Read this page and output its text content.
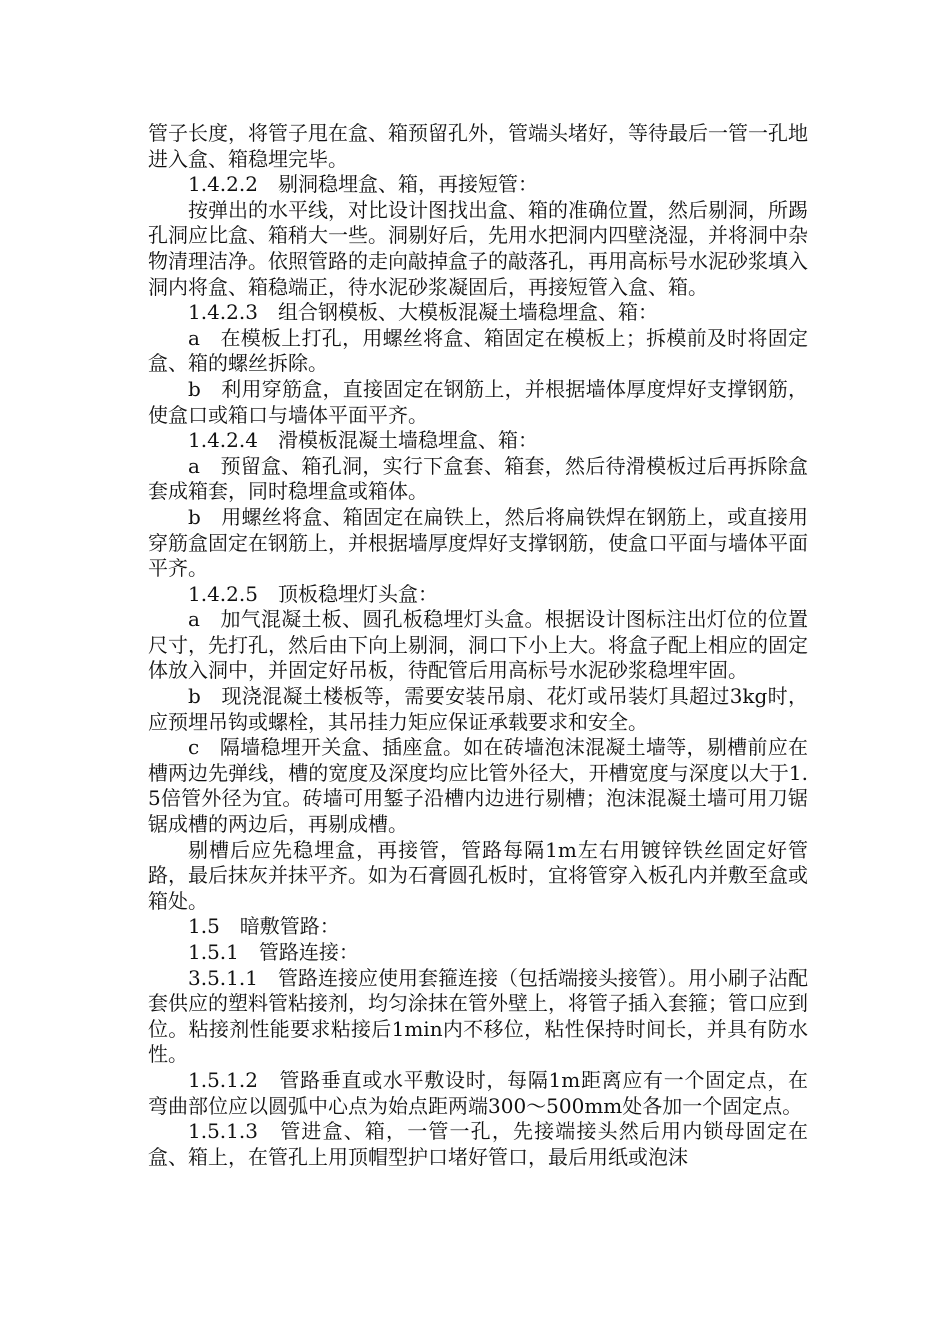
管子长度，将管子甩在盒、箱预留孔外，管端头堵好，等待最后一管一孔地进入盒、箱稳埋完毕。

1.4.2.2　剔洞稳埋盒、箱，再接短管：

按弹出的水平线，对比设计图找出盒、箱的准确位置，然后剔洞，所踢孔洞应比盒、箱稍大一些。洞剔好后，先用水把洞内四壁浇湿，并将洞中杂物清理洁净。依照管路的走向敲掉盒子的敲落孔，再用高标号水泥砂浆填入洞内将盒、箱稳端正，待水泥砂浆凝固后，再接短管入盒、箱。

1.4.2.3　组合钢模板、大模板混凝土墙稳埋盒、箱：

a　在模板上打孔，用螺丝将盒、箱固定在模板上；拆模前及时将固定盒、箱的螺丝拆除。

b　利用穿筋盒，直接固定在钢筋上，并根据墙体厚度焊好支撑钢筋，使盒口或箱口与墙体平面平齐。

1.4.2.4　滑模板混凝土墙稳埋盒、箱：

a　预留盒、箱孔洞，实行下盒套、箱套，然后待滑模板过后再拆除盒套成箱套，同时稳埋盒或箱体。

b　用螺丝将盒、箱固定在扁铁上，然后将扁铁焊在钢筋上，或直接用穿筋盒固定在钢筋上，并根据墙厚度焊好支撑钢筋，使盒口平面与墙体平面平齐。

1.4.2.5　顶板稳埋灯头盒：

a　加气混凝土板、圆孔板稳埋灯头盒。根据设计图标注出灯位的位置尺寸，先打孔，然后由下向上剔洞，洞口下小上大。将盒子配上相应的固定体放入洞中，并固定好吊板，待配管后用高标号水泥砂浆稳埋牢固。

b　现浇混凝土楼板等，需要安装吊扇、花灯或吊装灯具超过3kg时，应预埋吊钩或螺栓，其吊挂力矩应保证承载要求和安全。

c　隔墙稳埋开关盒、插座盒。如在砖墙泡沫混凝土墙等，剔槽前应在槽两边先弹线，槽的宽度及深度均应比管外径大，开槽宽度与深度以大于1.5倍管外径为宜。砖墙可用錾子沿槽内边进行剔槽；泡沫混凝土墙可用刀锯锯成槽的两边后，再剔成槽。

剔槽后应先稳埋盒，再接管，管路每隔1m左右用镀锌铁丝固定好管路，最后抹灰并抹平齐。如为石膏圆孔板时，宜将管穿入板孔内并敷至盒或箱处。

1.5　暗敷管路：

1.5.1　管路连接：

3.5.1.1　管路连接应使用套箍连接（包括端接头接管）。用小刷子沾配套供应的塑料管粘接剂，均匀涂抹在管外壁上，将管子插入套箍；管口应到位。粘接剂性能要求粘接后1min内不移位，粘性保持时间长，并具有防水性。

1.5.1.2　管路垂直或水平敷设时，每隔1m距离应有一个固定点，在弯曲部位应以圆弧中心点为始点距两端300～500mm处各加一个固定点。

1.5.1.3　管进盒、箱，一管一孔，先接端接头然后用内锁母固定在盒、箱上，在管孔上用顶帽型护口堵好管口，最后用纸或泡沫
